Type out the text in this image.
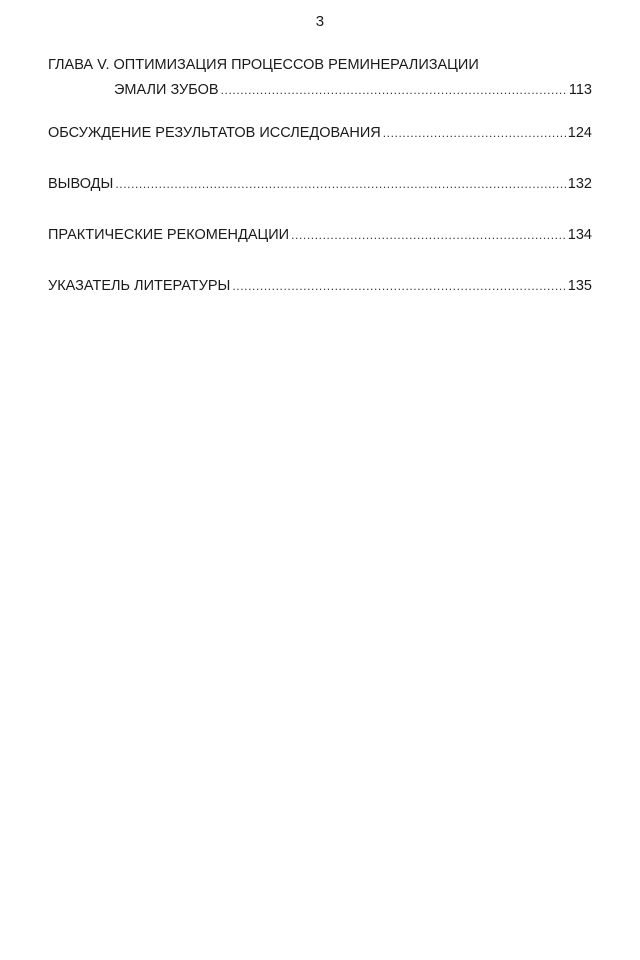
3
ГЛАВА V. ОПТИМИЗАЦИЯ ПРОЦЕССОВ РЕМИНЕРАЛИЗАЦИИ
ЭМАЛИ ЗУБОВ .....	113
ОБСУЖДЕНИЕ РЕЗУЛЬТАТОВ ИССЛЕДОВАНИЯ .....	124
ВЫВОДЫ .....	132
ПРАКТИЧЕСКИЕ РЕКОМЕНДАЦИИ .....	134
УКАЗАТЕЛЬ ЛИТЕРАТУРЫ .....	135
